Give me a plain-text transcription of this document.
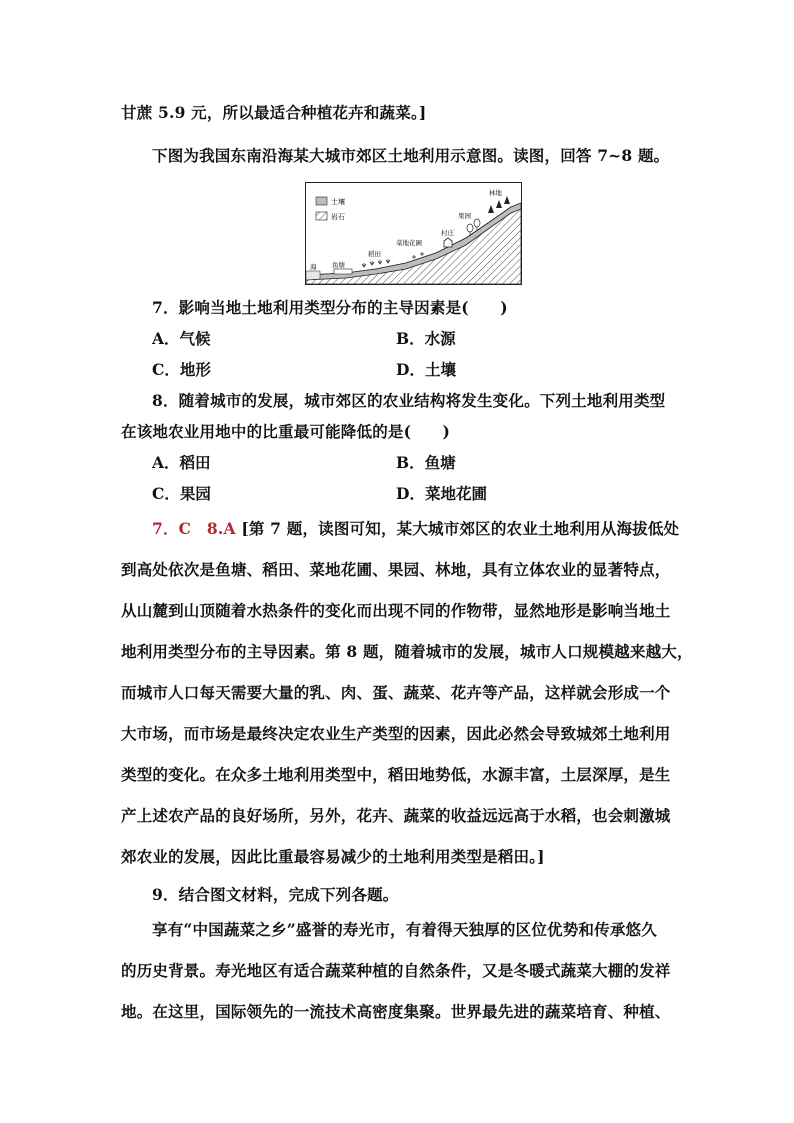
甘蔗 5.9 元，所以最适合种植花卉和蔬菜。]
下图为我国东南沿海某大城市郊区土地利用示意图。读图，回答 7~8 题。
土壤
岩石
林地
果园
村庄
菜地花圃
稻田
海 鱼塘
7．影响当地土地利用类型分布的主导因素是(　　)
A．气候	B．水源
C．地形	D．土壤
8．随着城市的发展，城市郊区的农业结构将发生变化。下列土地利用类型
在该地农业用地中的比重最可能降低的是(　　)
A．稻田	B．鱼塘
C．果园	D．菜地花圃
7．C　8.A [第 7 题，读图可知，某大城市郊区的农业土地利用从海拔低处
到高处依次是鱼塘、稻田、菜地花圃、果园、林地，具有立体农业的显著特点，
从山麓到山顶随着水热条件的变化而出现不同的作物带，显然地形是影响当地土
地利用类型分布的主导因素。第 8 题，随着城市的发展，城市人口规模越来越大，
而城市人口每天需要大量的乳、肉、蛋、蔬菜、花卉等产品，这样就会形成一个
大市场，而市场是最终决定农业生产类型的因素，因此必然会导致城郊土地利用
类型的变化。在众多土地利用类型中，稻田地势低，水源丰富，土层深厚，是生
产上述农产品的良好场所，另外，花卉、蔬菜的收益远远高于水稻，也会刺激城
郊农业的发展，因此比重最容易减少的土地利用类型是稻田。]
9．结合图文材料，完成下列各题。
享有“中国蔬菜之乡”盛誉的寿光市，有着得天独厚的区位优势和传承悠久
的历史背景。寿光地区有适合蔬菜种植的自然条件，又是冬暖式蔬菜大棚的发祥
地。在这里，国际领先的一流技术高密度集聚。世界最先进的蔬菜培育、种植、
